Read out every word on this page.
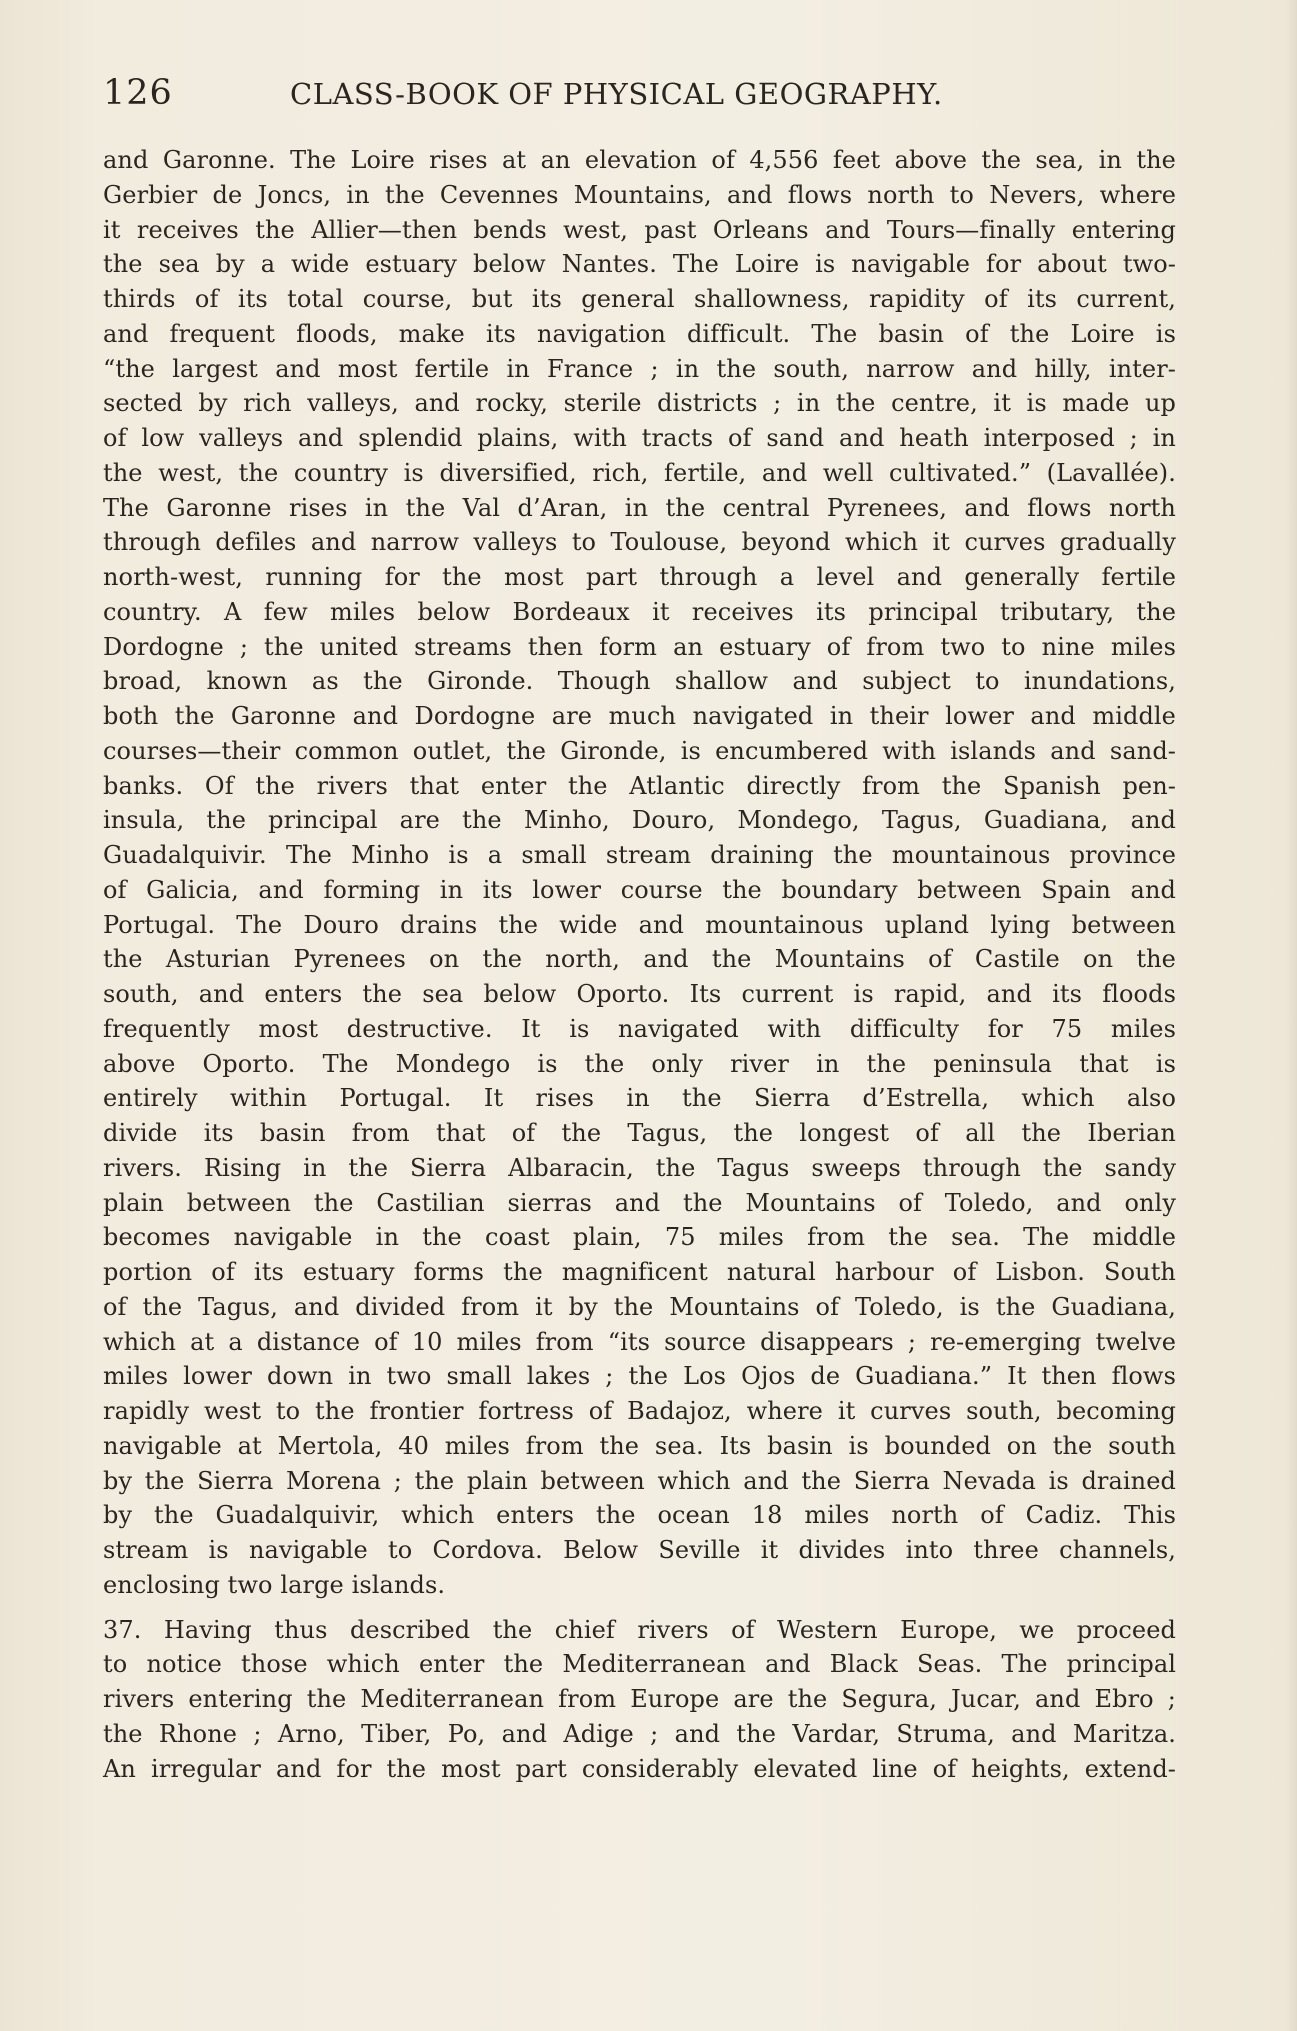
126	CLASS-BOOK OF PHYSICAL GEOGRAPHY.
and Garonne. The Loire rises at an elevation of 4,556 feet above the sea, in the
Gerbier de Joncs, in the Cevennes Mountains, and flows north to Nevers, where
it receives the Allier—then bends west, past Orleans and Tours—finally entering
the sea by a wide estuary below Nantes. The Loire is navigable for about two-
thirds of its total course, but its general shallowness, rapidity of its current,
and frequent floods, make its navigation difficult. The basin of the Loire is
“the largest and most fertile in France ; in the south, narrow and hilly, inter-
sected by rich valleys, and rocky, sterile districts ; in the centre, it is made up
of low valleys and splendid plains, with tracts of sand and heath interposed ; in
the west, the country is diversified, rich, fertile, and well cultivated.” (Lavallée).
The Garonne rises in the Val d’Aran, in the central Pyrenees, and flows north
through defiles and narrow valleys to Toulouse, beyond which it curves gradually
north-west, running for the most part through a level and generally fertile
country. A few miles below Bordeaux it receives its principal tributary, the
Dordogne ; the united streams then form an estuary of from two to nine miles
broad, known as the Gironde. Though shallow and subject to inundations,
both the Garonne and Dordogne are much navigated in their lower and middle
courses—their common outlet, the Gironde, is encumbered with islands and sand-
banks. Of the rivers that enter the Atlantic directly from the Spanish pen-
insula, the principal are the Minho, Douro, Mondego, Tagus, Guadiana, and
Guadalquivir. The Minho is a small stream draining the mountainous province
of Galicia, and forming in its lower course the boundary between Spain and
Portugal. The Douro drains the wide and mountainous upland lying between
the Asturian Pyrenees on the north, and the Mountains of Castile on the
south, and enters the sea below Oporto. Its current is rapid, and its floods
frequently most destructive. It is navigated with difficulty for 75 miles
above Oporto. The Mondego is the only river in the peninsula that is
entirely within Portugal. It rises in the Sierra d’Estrella, which also
divide its basin from that of the Tagus, the longest of all the Iberian
rivers. Rising in the Sierra Albaracin, the Tagus sweeps through the sandy
plain between the Castilian sierras and the Mountains of Toledo, and only
becomes navigable in the coast plain, 75 miles from the sea. The middle
portion of its estuary forms the magnificent natural harbour of Lisbon. South
of the Tagus, and divided from it by the Mountains of Toledo, is the Guadiana,
which at a distance of 10 miles from “its source disappears ; re-emerging twelve
miles lower down in two small lakes ; the Los Ojos de Guadiana.” It then flows
rapidly west to the frontier fortress of Badajoz, where it curves south, becoming
navigable at Mertola, 40 miles from the sea. Its basin is bounded on the south
by the Sierra Morena ; the plain between which and the Sierra Nevada is drained
by the Guadalquivir, which enters the ocean 18 miles north of Cadiz. This
stream is navigable to Cordova. Below Seville it divides into three channels,
enclosing two large islands.
37. Having thus described the chief rivers of Western Europe, we proceed
to notice those which enter the Mediterranean and Black Seas. The principal
rivers entering the Mediterranean from Europe are the Segura, Jucar, and Ebro ;
the Rhone ; Arno, Tiber, Po, and Adige ; and the Vardar, Struma, and Maritza.
An irregular and for the most part considerably elevated line of heights, extend-
